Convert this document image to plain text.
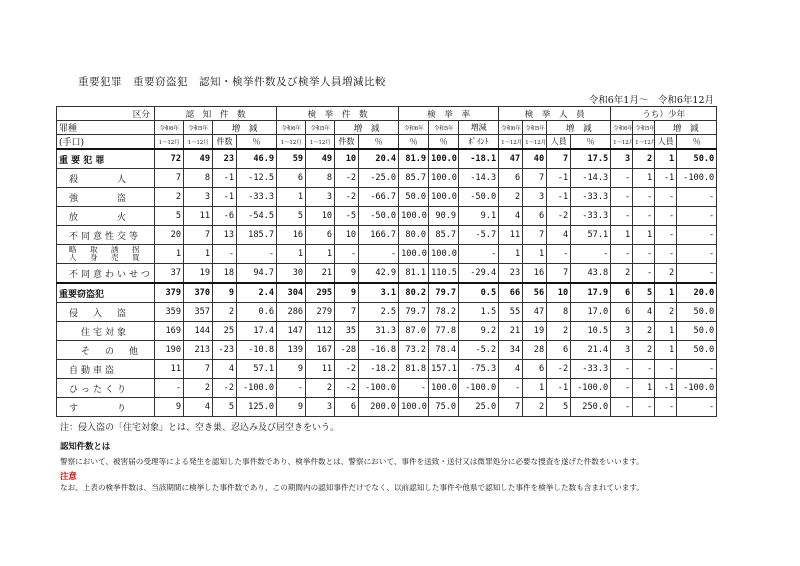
重要犯罪　重要窃盗犯　認知・検挙件数及び検挙人員増減比較
令和6年1月～　令和6年12月
区分	認　知　件　数				検　挙　件　数				検　挙　率			検　挙　人　員				うち）少年			
罪種	令和6年	令和5年	増　減		令和6年	令和5年	増　減		令和6年	令和5年	増減	令和6年	令和5年	増　減		令和6年	令和5年	増　減	
(手口)	1～12月	1～12月	件数	％	1～12月	1～12月	件数	％	％	％	ﾎﾟｲﾝﾄ	1～12月	1～12月	人員	％	1～12月	1～12月	人員	％
重 要 犯 罪	72	49	23	46.9	59	49	10	20.4	81.9	100.0	-18.1	47	40	7	17.5	3	2	1	50.0
殺　　　人	7	8	-1	-12.5	6	8	-2	-25.0	85.7	100.0	-14.3	6	7	-1	-14.3	-	1	-1	-100.0
強　　　盗	2	3	-1	-33.3	1	3	-2	-66.7	50.0	100.0	-50.0	2	3	-1	-33.3	-	-	-	-
放　　　火	5	11	-6	-54.5	5	10	-5	-50.0	100.0	90.9	9.1	4	6	-2	-33.3	-	-	-	-
不同意性交等	20	7	13	185.7	16	6	10	166.7	80.0	85.7	-5.7	11	7	4	57.1	1	1	-	-
略　取　誘　拐 人　身　売　買	1	1	-	-	1	1	-	-	100.0	100.0	-	1	1	-	-	-	-	-	-
不同意わいせつ	37	19	18	94.7	30	21	9	42.9	81.1	110.5	-29.4	23	16	7	43.8	2	-	2	-
重要窃盗犯	379	370	9	2.4	304	295	9	3.1	80.2	79.7	0.5	66	56	10	17.9	6	5	1	20.0
侵　入　盗	359	357	2	0.6	286	279	7	2.5	79.7	78.2	1.5	55	47	8	17.0	6	4	2	50.0
住宅対象	169	144	25	17.4	147	112	35	31.3	87.0	77.8	9.2	21	19	2	10.5	3	2	1	50.0
そ　の　他	190	213	-23	-10.8	139	167	-28	-16.8	73.2	78.4	-5.2	34	28	6	21.4	3	2	1	50.0
自動車盗	11	7	4	57.1	9	11	-2	-18.2	81.8	157.1	-75.3	4	6	-2	-33.3	-	-	-	-
ひったくり	-	2	-2	-100.0	-	2	-2	-100.0	-	100.0	-100.0	-	1	-1	-100.0	-	1	-1	-100.0
す　　　り	9	4	5	125.0	9	3	6	200.0	100.0	75.0	25.0	7	2	5	250.0	-	-	-	-
注：侵入盗の「住宅対象」とは、空き巣、忍込み及び居空きをいう。
認知件数とは
警察において、被害届の受理等による発生を認知した事件数であり、検挙件数とは、警察において、事件を送致・送付又は微罪処分に必要な捜査を遂げた件数をいいます。
注意
なお、上表の検挙件数は、当該期間に検挙した事件数であり、この期間内の認知事件だけでなく、以前認知した事件や他県で認知した事件を検挙した数も含まれています。
